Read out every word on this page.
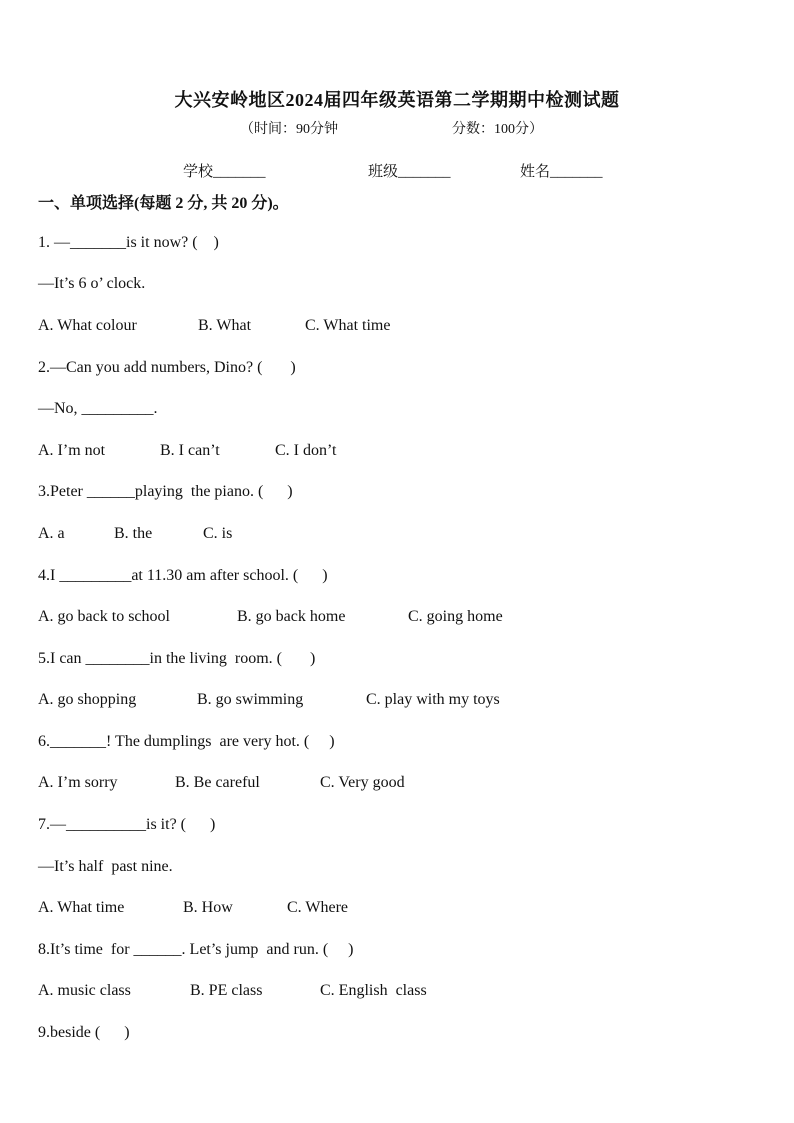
大兴安岭地区2024届四年级英语第二学期期中检测试题
（时间：90分钟	分数：100分）
学校_______	班级_______	姓名_______
一、单项选择(每题 2 分, 共 20 分)。
1. —_______is it now? (    )
—It’s 6 o’ clock.
A. What colour	B. What	C. What time
2.—Can you add numbers, Dino? (       )
—No, _________.
A. I’m not	B. I can’t	C. I don’t
3.Peter ______playing  the piano. (      )
A. a	B. the	C. is
4.I _________at 11.30 am after school. (      )
A. go back to school	B. go back home	C. going home
5.I can ________in the living  room. (       )
A. go shopping	B. go swimming	C. play with my toys
6._______! The dumplings  are very hot. (     )
A. I’m sorry	B. Be careful	C. Very good
7.—__________is it? (      )
—It’s half  past nine.
A. What time	B. How	C. Where
8.It’s time  for ______. Let’s jump  and run. (     )
A. music class	B. PE class	C. English  class
9.beside (      )
